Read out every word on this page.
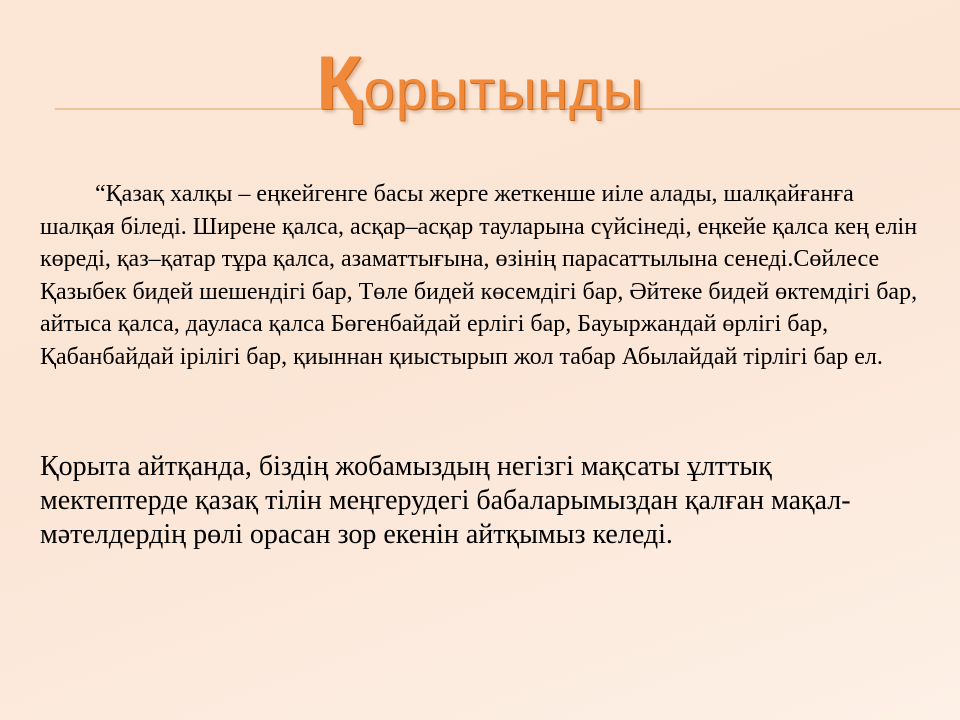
Қорытынды
“Қазақ халқы – еңкейгенге басы жерге жеткенше иіле алады, шалқайғанға шалқая біледі. Ширене қалса, асқар–асқар тауларына сүйсінеді, еңкейе қалса кең елін көреді, қаз–қатар тұра қалса, азаматтығына, өзінің парасаттылына сенеді.Сөйлесе Қазыбек бидей шешендігі бар, Төле бидей көсемдігі бар, Әйтеке бидей өктемдігі бар, айтыса қалса, дауласа қалса Бөгенбайдай ерлігі бар, Бауыржандай өрлігі бар, Қабанбайдай ірілігі бар, қиыннан қиыстырып жол табар Абылайдай тірлігі бар ел.
Қорыта айтқанда, біздің жобамыздың негізгі мақсаты ұлттық мектептерде қазақ тілін меңгерудегі бабаларымыздан қалған мақал-мәтелдердің рөлі орасан зор екенін айтқымыз келеді.
